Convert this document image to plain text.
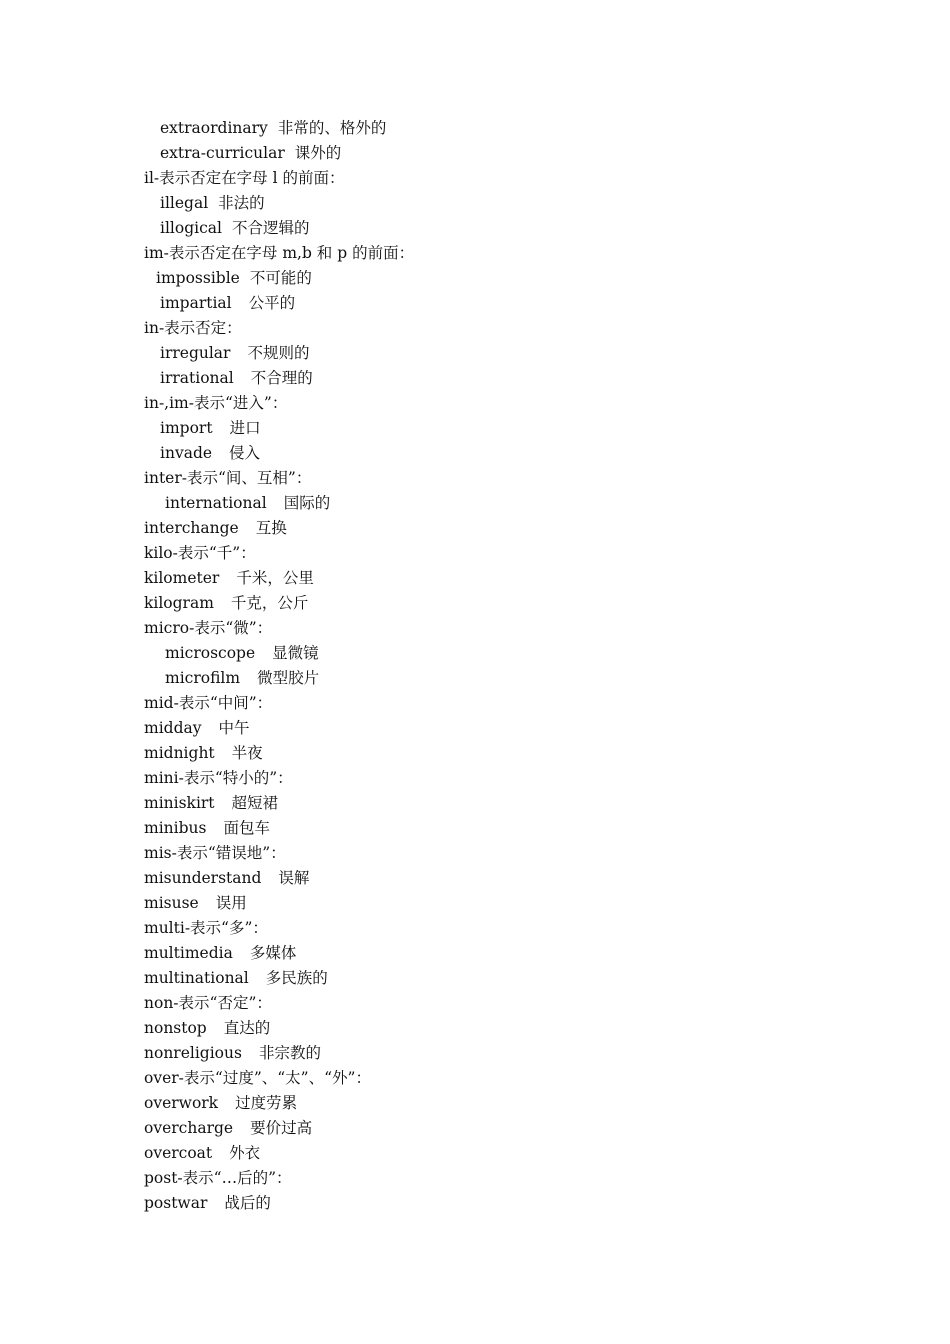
extraordinary 非常的、格外的
extra-curricular 课外的
il-表示否定在字母 l 的前面：
illegal 非法的
illogical 不合逻辑的
im-表示否定在字母 m,b 和 p 的前面：
impossible 不可能的
impartial 公平的
in-表示否定：
irregular 不规则的
irrational 不合理的
in-,im-表示“进入”：
import 进口
invade 侵入
inter-表示“间、互相”：
international 国际的
interchange 互换
kilo-表示“千”：
kilometer 千米，公里
kilogram 千克，公斤
micro-表示“微”：
microscope 显微镜
microfilm 微型胶片
mid-表示“中间”：
midday 中午
midnight 半夜
mini-表示“特小的”：
miniskirt 超短裙
minibus 面包车
mis-表示“错误地”：
misunderstand 误解
misuse 误用
multi-表示“多”：
multimedia 多媒体
multinational 多民族的
non-表示“否定”：
nonstop 直达的
nonreligious 非宗教的
over-表示“过度”、“太”、“外”：
overwork 过度劳累
overcharge 要价过高
overcoat 外衣
post-表示“…后的”：
postwar 战后的
